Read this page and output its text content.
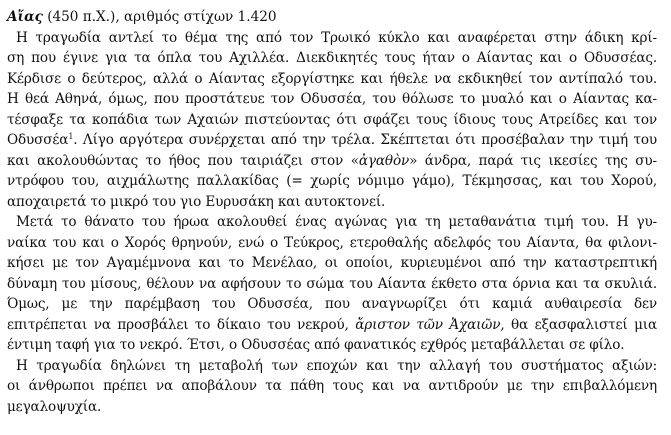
Αἴας (450 π.Χ.), αριθμός στίχων 1.420
Η τραγωδία αντλεί το θέμα της από τον Τρωικό κύκλο και αναφέρεται στην άδικη κρί-
ση που έγινε για τα όπλα του Αχιλλέα. Διεκδικητές τους ήταν ο Αίαντας και ο Οδυσσέας.
Κέρδισε ο δεύτερος, αλλά ο Αίαντας εξοργίστηκε και ήθελε να εκδικηθεί τον αντίπαλό του.
Η θεά Αθηνά, όμως, που προστάτευε τον Οδυσσέα, του θόλωσε το μυαλό και ο Αίαντας κα-
τέσφαξε τα κοπάδια των Αχαιών πιστεύοντας ότι σφάζει τους ίδιους τους Ατρείδες και τον
Οδυσσέα$^1$. Λίγο αργότερα συνέρχεται από την τρέλα. Σκέπτεται ότι προσέβαλαν την τιμή του
και ακολουθώντας το ήθος που ταιριάζει στον «ἀγαθὸν» άνδρα, παρά τις ικεσίες της συ-
ντρόφου του, αιχμάλωτης παλλακίδας (= χωρίς νόμιμο γάμο), Τέκμησσας, και του Χορού,
αποχαιρετά το μικρό του γιο Ευρυσάκη και αυτοκτονεί.
Μετά το θάνατο του ήρωα ακολουθεί ένας αγώνας για τη μεταθανάτια τιμή του. Η γυ-
ναίκα του και ο Χορός θρηνούν, ενώ ο Τεύκρος, ετεροθαλής αδελφός του Αίαντα, θα φιλονι-
κήσει με τον Αγαμέμνονα και το Μενέλαο, οι οποίοι, κυριευμένοι από την καταστρεπτική
δύναμη του μίσους, θέλουν να αφήσουν το σώμα του Αίαντα έκθετο στα όρνια και τα σκυλιά.
Όμως, με την παρέμβαση του Οδυσσέα, που αναγνωρίζει ότι καμιά αυθαιρεσία δεν
επιτρέπεται να προσβάλει το δίκαιο του νεκρού, ἄριστον τῶν Ἀχαιῶν, θα εξασφαλιστεί μια
έντιμη ταφή για το νεκρό. Έτσι, ο Οδυσσέας από φανατικός εχθρός μεταβάλλεται σε φίλο.
Η τραγωδία δηλώνει τη μεταβολή των εποχών και την αλλαγή του συστήματος αξιών:
οι άνθρωποι πρέπει να αποβάλουν τα πάθη τους και να αντιδρούν με την επιβαλλόμενη
μεγαλοψυχία.
